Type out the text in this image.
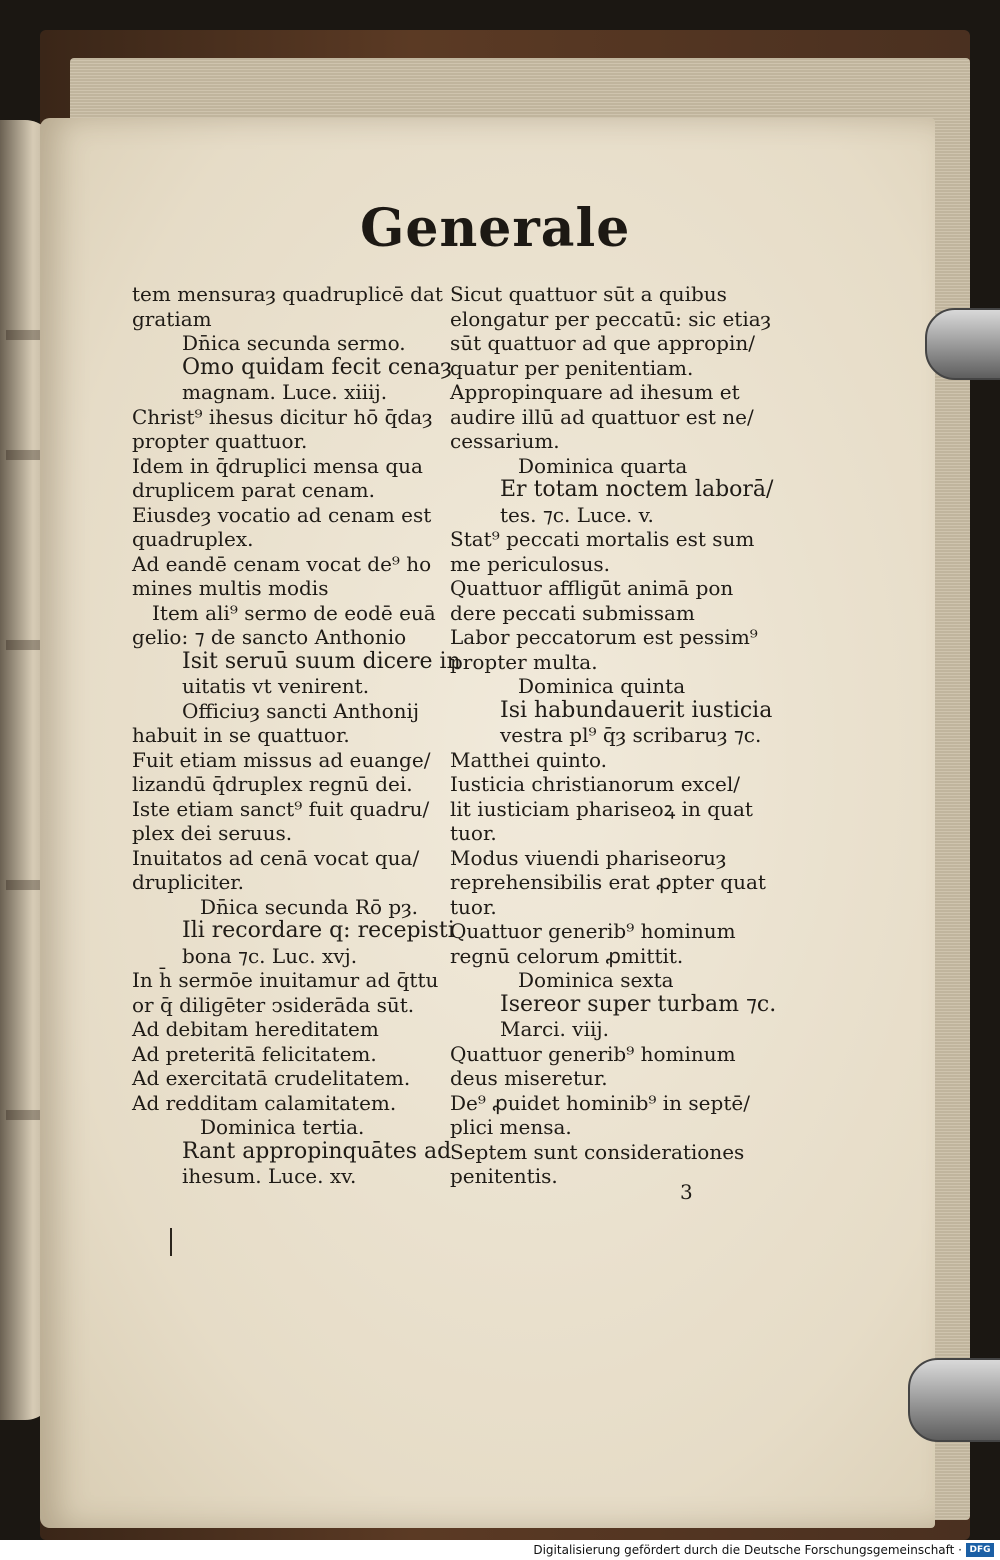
Generale
tem mensuraȝ quadruplicē dat
gratiam
Dn̄ica secunda sermo.
Omo quidam fecit cenaȝ
magnam. Luce. xiiij.
Christ⁹ ihesus dicitur hō q̄daȝ
propter quattuor.
Idem in q̄druplici mensa qua
druplicem parat cenam.
Eiusdeȝ vocatio ad cenam est
quadruplex.
Ad eandē cenam vocat de⁹ ho
mines multis modis
Item ali⁹ sermo de eodē euā
gelio: ⁊ de sancto Anthonio
Isit seruū suum dicere in
uitatis vt venirent.
Officiuȝ sancti Anthonij
habuit in se quattuor.
Fuit etiam missus ad euange/
lizandū q̄druplex regnū dei.
Iste etiam sanct⁹ fuit quadru/
plex dei seruus.
Inuitatos ad cenā vocat qua/
drupliciter.
Dn̄ica secunda Rō pȝ.
Ili recordare q: recepisti
bona ⁊c. Luc. xvj.
In h̄ sermōe inuitamur ad q̄ttu
or q̄ diligēter ↄsiderāda sūt.
Ad debitam hereditatem
Ad preteritā felicitatem.
Ad exercitatā crudelitatem.
Ad redditam calamitatem.
Dominica tertia.
Rant appropinquātes ad
ihesum. Luce. xv.
Sicut quattuor sūt a quibus
elongatur per peccatū: sic etiaȝ
sūt quattuor ad que appropin/
quatur per penitentiam.
Appropinquare ad ihesum et
audire illū ad quattuor est ne/
cessarium.
Dominica quarta
Er totam noctem laborā/
tes. ⁊c. Luce. v.
Stat⁹ peccati mortalis est sum
me periculosus.
Quattuor affligūt animā pon
dere peccati submissam
Labor peccatorum est pessim⁹
propter multa.
Dominica quinta
Isi habundauerit iusticia
vestra pl⁹ q̄ȝ scribaruȝ ⁊c.
Matthei quinto.
Iusticia christianorum excel/
lit iusticiam phariseoꝝ in quat
tuor.
Modus viuendi phariseoruȝ
reprehensibilis erat ꝓpter quat
tuor.
Quattuor generib⁹ hominum
regnū celorum ꝓmittit.
Dominica sexta
Isereor super turbam ⁊c.
Marci. viij.
Quattuor generib⁹ hominum
deus miseretur.
De⁹ ꝓuidet hominib⁹ in septē/
plici mensa.
Septem sunt considerationes
penitentis.

3

Digitalisierung gefördert durch die Deutsche Forschungsgemeinschaft · DFG
